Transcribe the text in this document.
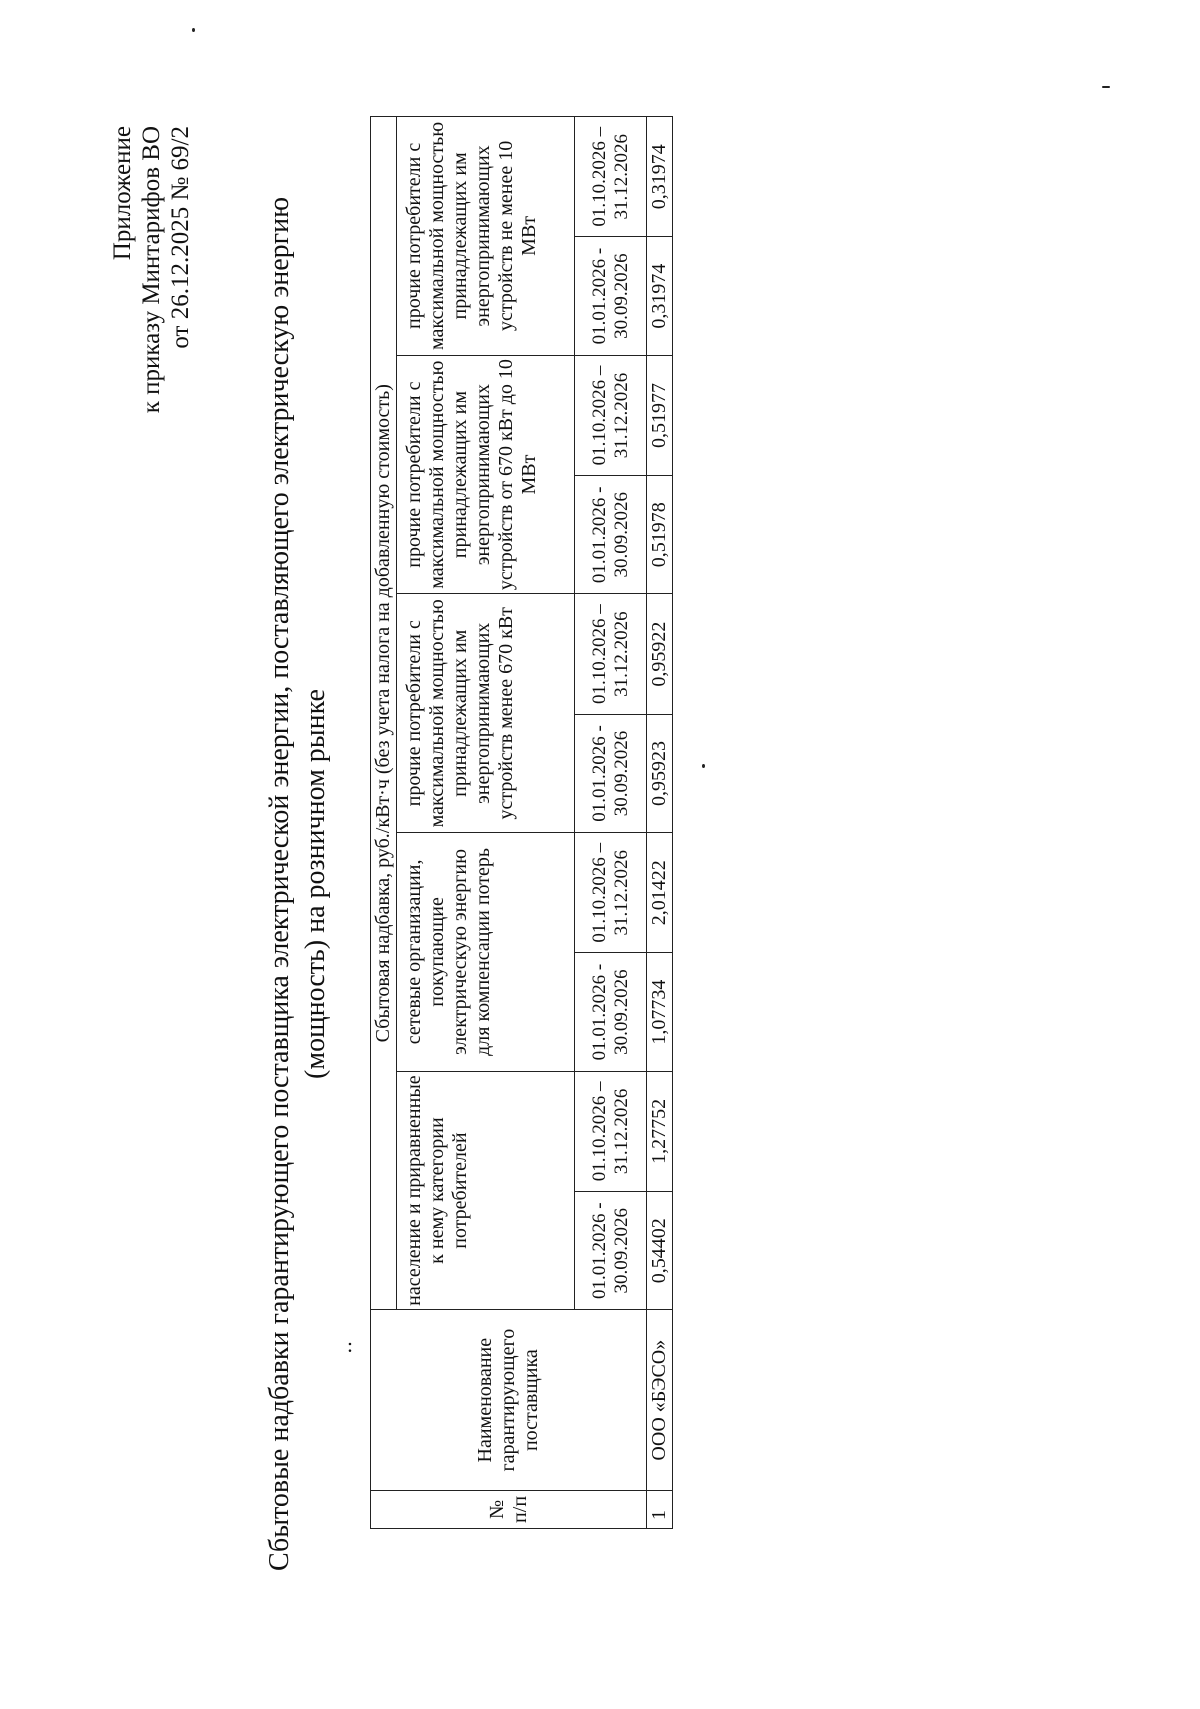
Приложение к приказу Минтарифов ВО от 26.12.2025 № 69/2	Сбытовые надбавки гарантирующего поставщика электрической энергии, поставляющего электрическую энергию (мощность) на розничном рынке
‥
№ п/п	Наименование гарантирующего поставщика	Сбытовая надбавка, руб./кВт·ч (без учета налога на добавленную стоимость)									
		население и приравненные к нему категории потребителей		сетевые организации, покупающие электрическую энергию для компенсации потерь		прочие потребители с максимальной мощностью принадлежащих им энергопринимающих устройств менее 670 кВт		прочие потребители с максимальной мощностью принадлежащих им энергопринимающих устройств от 670 кВт до 10 МВт		прочие потребители с максимальной мощностью принадлежащих им энергопринимающих устройств не менее 10 МВт	
		01.01.2026 - 30.09.2026	01.10.2026 – 31.12.2026	01.01.2026 - 30.09.2026	01.10.2026 – 31.12.2026	01.01.2026 - 30.09.2026	01.10.2026 – 31.12.2026	01.01.2026 - 30.09.2026	01.10.2026 – 31.12.2026	01.01.2026 - 30.09.2026	01.10.2026 – 31.12.2026
1	ООО «БЭСО»	0,54402	1,27752	1,07734	2,01422	0,95923	0,95922	0,51978	0,51977	0,31974	0,31974
